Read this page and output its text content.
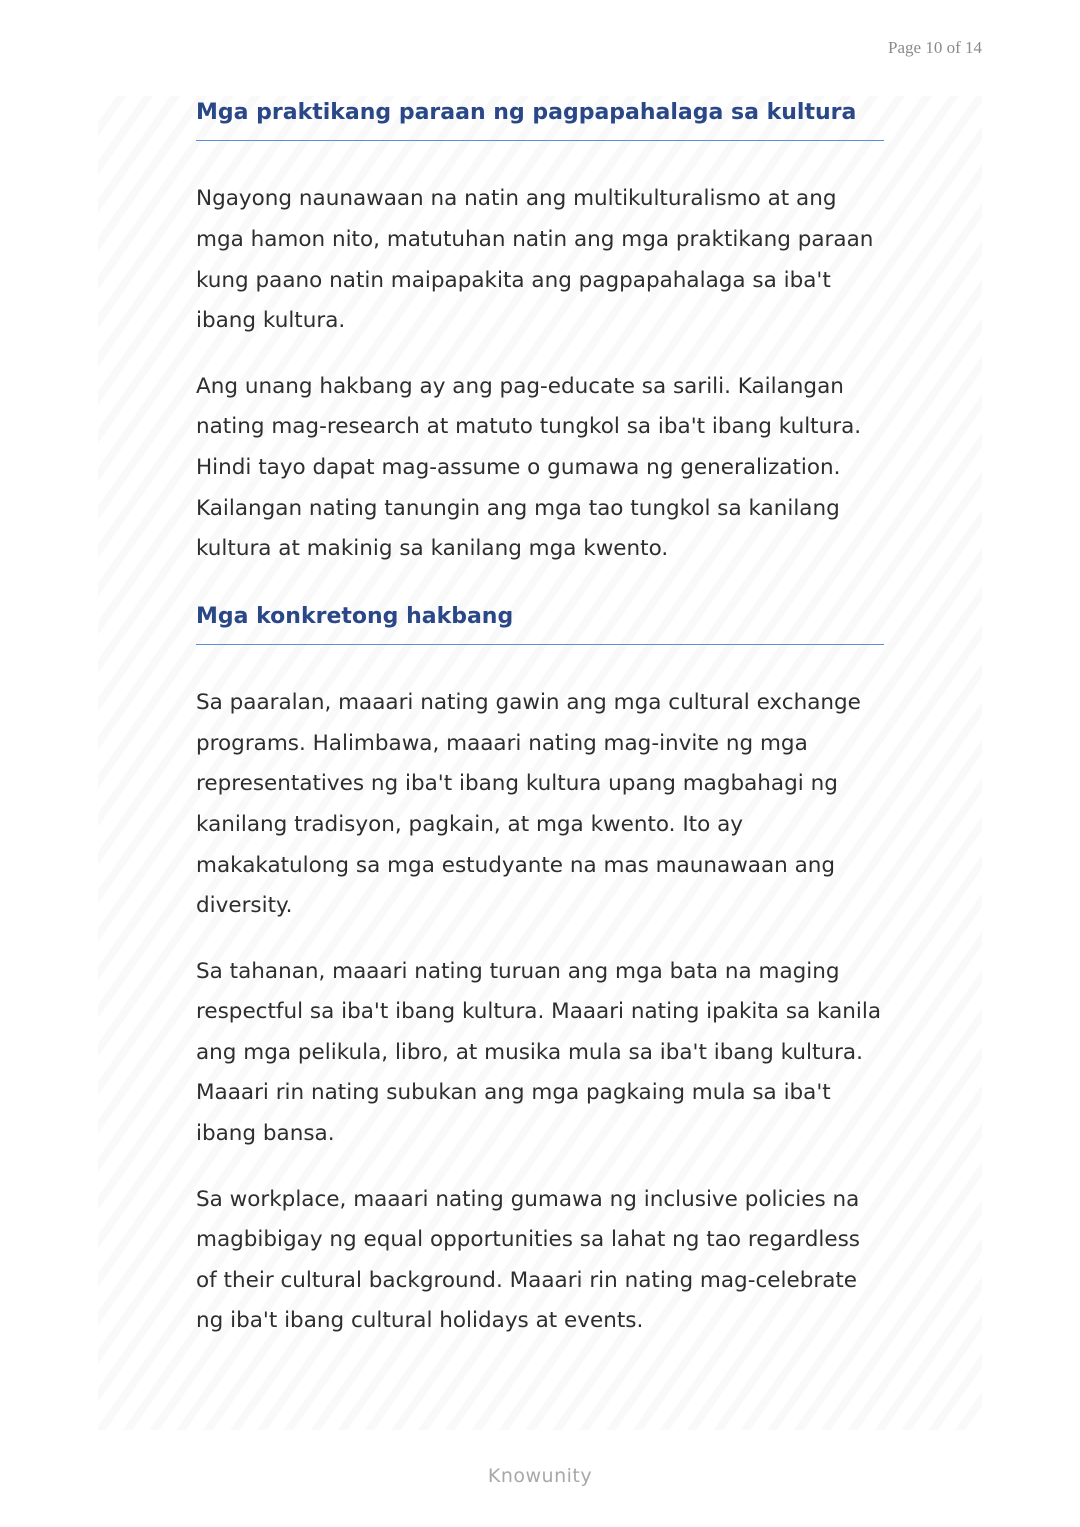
Page 10 of 14
Mga praktikang paraan ng pagpapahalaga sa kultura

Ngayong naunawaan na natin ang multikulturalismo at ang mga hamon nito, matutuhan natin ang mga praktikang paraan kung paano natin maipapakita ang pagpapahalaga sa iba't ibang kultura.

Ang unang hakbang ay ang pag-educate sa sarili. Kailangan nating mag-research at matuto tungkol sa iba't ibang kultura. Hindi tayo dapat mag-assume o gumawa ng generalization. Kailangan nating tanungin ang mga tao tungkol sa kanilang kultura at makinig sa kanilang mga kwento.

Mga konkretong hakbang

Sa paaralan, maaari nating gawin ang mga cultural exchange programs. Halimbawa, maaari nating mag-invite ng mga representatives ng iba't ibang kultura upang magbahagi ng kanilang tradisyon, pagkain, at mga kwento. Ito ay makakatulong sa mga estudyante na mas maunawaan ang diversity.

Sa tahanan, maaari nating turuan ang mga bata na maging respectful sa iba't ibang kultura. Maaari nating ipakita sa kanila ang mga pelikula, libro, at musika mula sa iba't ibang kultura. Maaari rin nating subukan ang mga pagkaing mula sa iba't ibang bansa.

Sa workplace, maaari nating gumawa ng inclusive policies na magbibigay ng equal opportunities sa lahat ng tao regardless of their cultural background. Maaari rin nating mag-celebrate ng iba't ibang cultural holidays at events.

Knowunity
